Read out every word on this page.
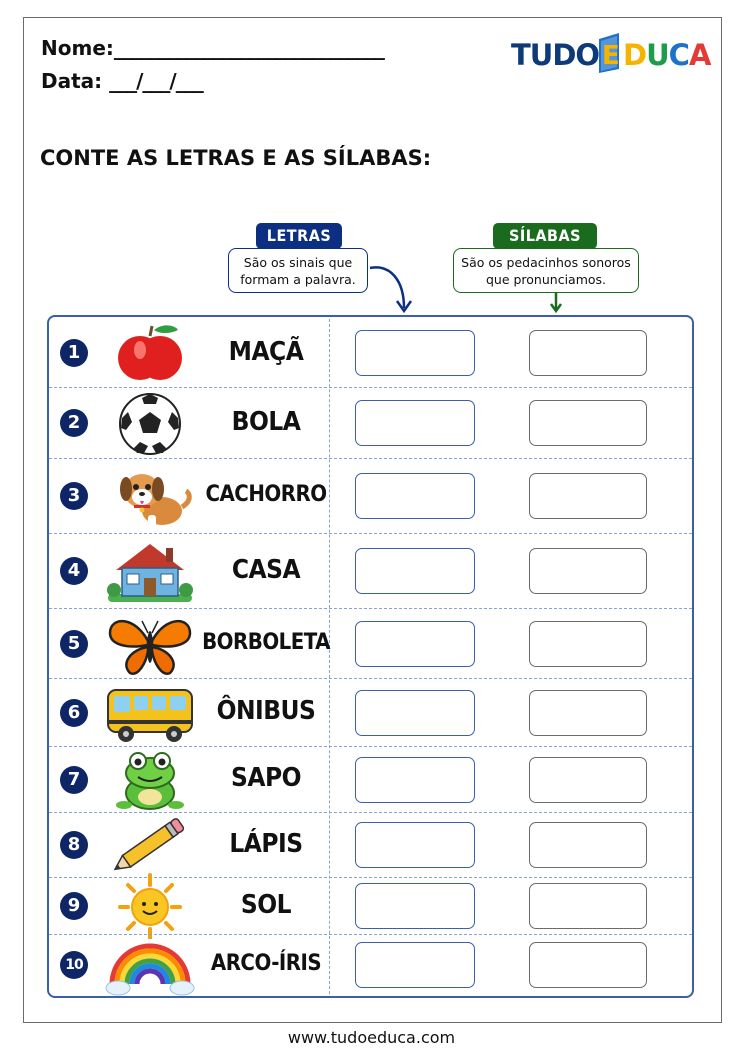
Nome:______________________________
Data: ___/___/___
TUDO E DUCA
CONTE AS LETRAS E AS SÍLABAS:
LETRAS	SÍLABAS
São os sinais que
formam a palavra.
São os pedacinhos sonoros
que pronunciamos.
1	MAÇÃ
2	BOLA
3	CACHORRO
4	CASA
5	BORBOLETA
6	ÔNIBUS
7	SAPO
8	LÁPIS
9	SOL
10	ARCO-ÍRIS
www.tudoeduca.com
